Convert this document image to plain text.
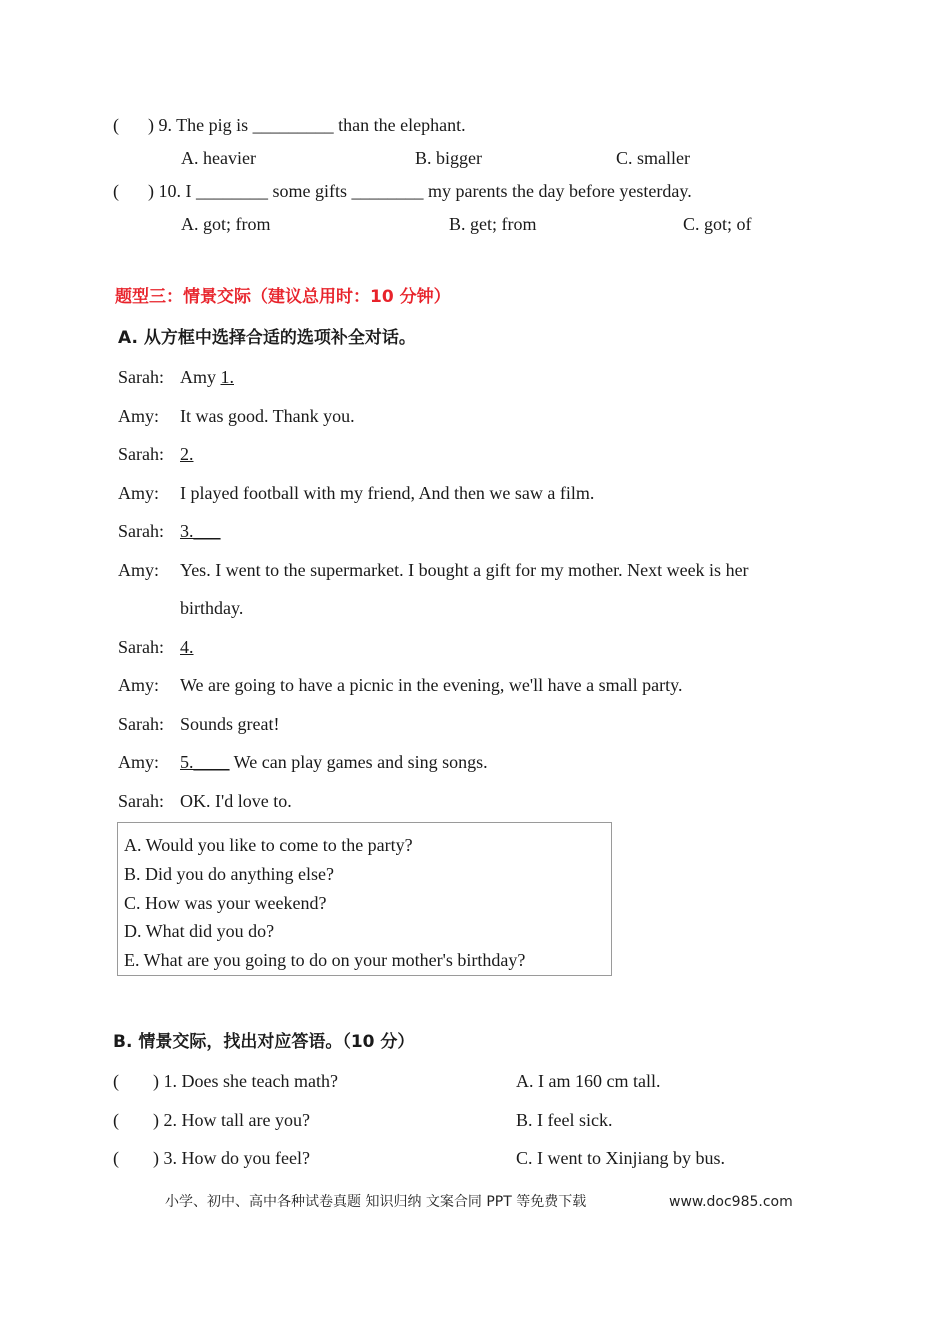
( ) 9. The pig is _________ than the elephant.
A. heavier	B. bigger	C. smaller
( ) 10. I ________ some gifts ________ my parents the day before yesterday.
A. got; from	B. get; from	C. got; of
题型三：情景交际（建议总用时：10 分钟）
A. 从方框中选择合适的选项补全对话。
Sarah: Amy 1.
Amy: It was good. Thank you.
Sarah: 2.
Amy: I played football with my friend, And then we saw a film.
Sarah: 3.___
Amy: Yes. I went to the supermarket. I bought a gift for my mother. Next week is her
birthday.
Sarah: 4.
Amy: We are going to have a picnic in the evening, we'll have a small party.
Sarah: Sounds great!
Amy: 5.____ We can play games and sing songs.
Sarah: OK. I'd love to.
A. Would you like to come to the party?
B. Did you do anything else?
C. How was your weekend?
D. What did you do?
E. What are you going to do on your mother's birthday?
B. 情景交际，找出对应答语。（10 分）
( ) 1. Does she teach math?	A. I am 160 cm tall.
( ) 2. How tall are you?	B. I feel sick.
( ) 3. How do you feel?	C. I went to Xinjiang by bus.
小学、初中、高中各种试卷真题 知识归纳 文案合同 PPT 等免费下载	www.doc985.com
